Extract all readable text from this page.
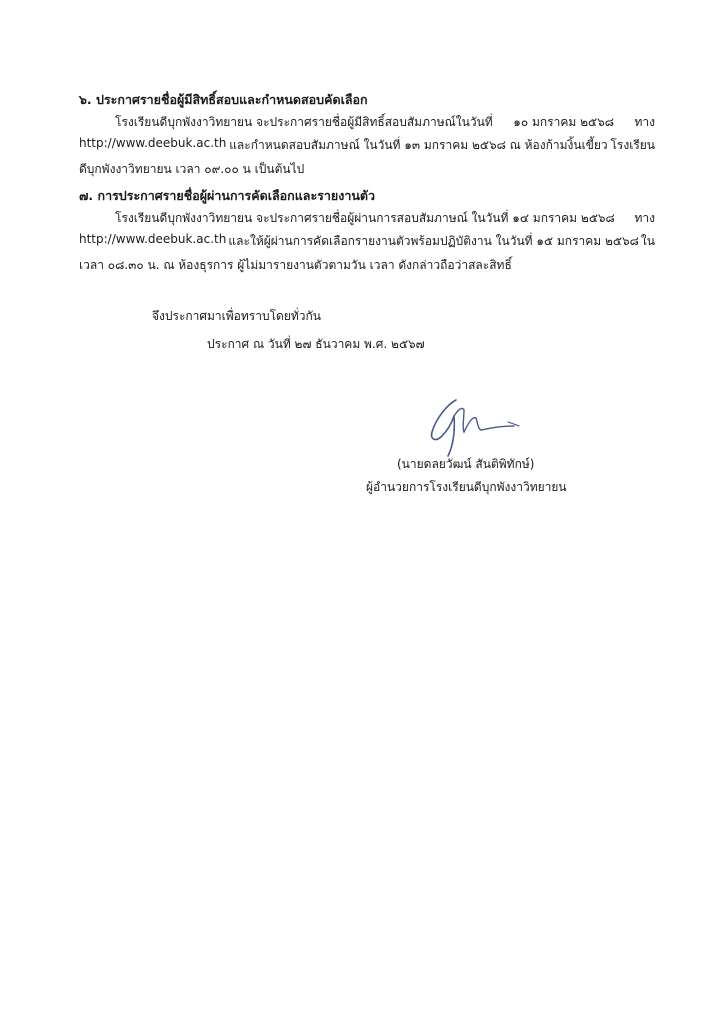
๖. ประกาศรายชื่อผู้มีสิทธิ์สอบและกำหนดสอบคัดเลือก
โรงเรียนดีบุกพังงาวิทยายน จะประกาศรายชื่อผู้มีสิทธิ์สอบสัมภาษณ์ในวันที่ ๑๐ มกราคม ๒๕๖๘ ทาง
http://www.deebuk.ac.th และกำหนดสอบสัมภาษณ์ ในวันที่ ๑๓ มกราคม ๒๕๖๘ ณ ห้องก้ามงิ้นเขี้ยว โรงเรียน
ดีบุกพังงาวิทยายน เวลา ๐๙.๐๐ น เป็นต้นไป
๗. การประกาศรายชื่อผู้ผ่านการคัดเลือกและรายงานตัว
โรงเรียนดีบุกพังงาวิทยายน จะประกาศรายชื่อผู้ผ่านการสอบสัมภาษณ์ ในวันที่ ๑๔ มกราคม ๒๕๖๘ ทาง
http://www.deebuk.ac.th และให้ผู้ผ่านการคัดเลือกรายงานตัวพร้อมปฏิบัติงาน ในวันที่ ๑๕ มกราคม ๒๕๖๘ ใน
เวลา ๐๘.๓๐ น. ณ ห้องธุรการ ผู้ไม่มารายงานตัวตามวัน เวลา ดังกล่าวถือว่าสละสิทธิ์
จึงประกาศมาเพื่อทราบโดยทั่วกัน
ประกาศ ณ วันที่ ๒๗ ธันวาคม พ.ศ. ๒๕๖๗
(นายดลยวัฒน์ สันติพิทักษ์)
ผู้อำนวยการโรงเรียนดีบุกพังงาวิทยายน
